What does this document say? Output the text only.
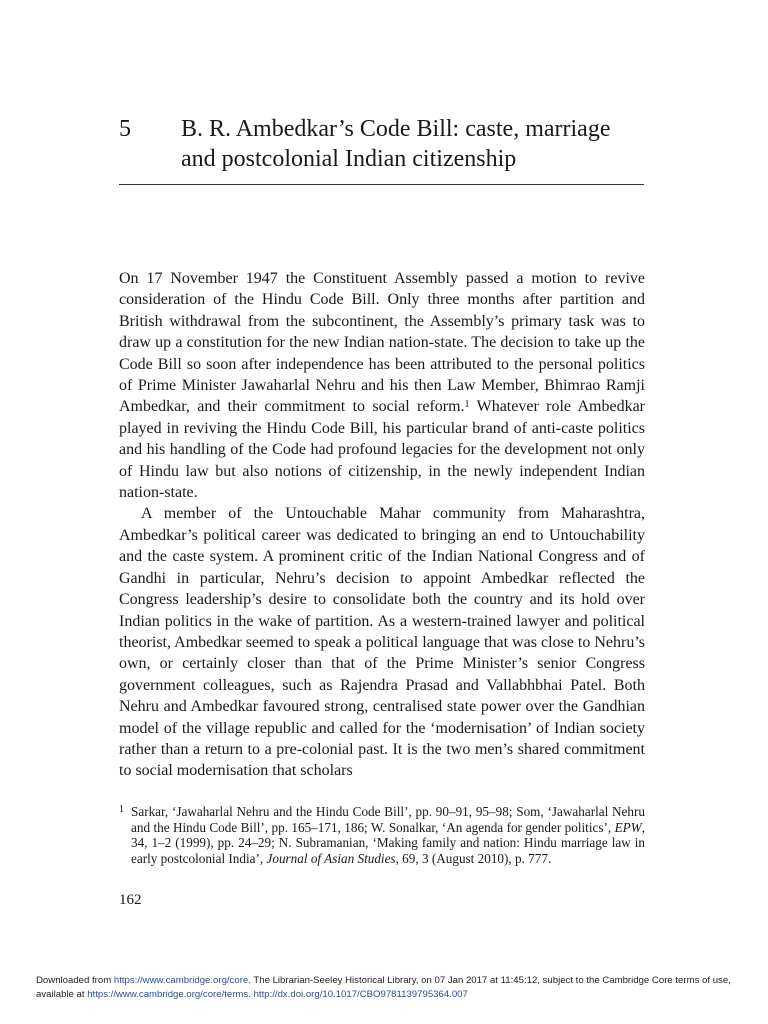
5 B. R. Ambedkar’s Code Bill: caste, marriage and postcolonial Indian citizenship

On 17 November 1947 the Constituent Assembly passed a motion to revive consideration of the Hindu Code Bill. Only three months after partition and British withdrawal from the subcontinent, the Assembly’s primary task was to draw up a constitution for the new Indian nation-state. The decision to take up the Code Bill so soon after independence has been attributed to the personal politics of Prime Minister Jawaharlal Nehru and his then Law Member, Bhimrao Ramji Ambedkar, and their commitment to social reform.$^1$ Whatever role Ambedkar played in reviving the Hindu Code Bill, his particular brand of anti-caste politics and his handling of the Code had profound legacies for the development not only of Hindu law but also notions of citizenship, in the newly independent Indian nation-state.

A member of the Untouchable Mahar community from Maharashtra, Ambedkar’s political career was dedicated to bringing an end to Untouchability and the caste system. A prominent critic of the Indian National Congress and of Gandhi in particular, Nehru’s decision to appoint Ambedkar reflected the Congress leadership’s desire to consolidate both the country and its hold over Indian politics in the wake of partition. As a western-trained lawyer and political theorist, Ambedkar seemed to speak a political language that was close to Nehru’s own, or certainly closer than that of the Prime Minister’s senior Congress government colleagues, such as Rajendra Prasad and Vallabhbhai Patel. Both Nehru and Ambedkar favoured strong, centralised state power over the Gandhian model of the village republic and called for the ‘modernisation’ of Indian society rather than a return to a pre-colonial past. It is the two men’s shared commitment to social modernisation that scholars

1 Sarkar, ‘Jawaharlal Nehru and the Hindu Code Bill’, pp. 90–91, 95–98; Som, ‘Jawaharlal Nehru and the Hindu Code Bill’, pp. 165–171, 186; W. Sonalkar, ‘An agenda for gender politics’, EPW, 34, 1–2 (1999), pp. 24–29; N. Subramanian, ‘Making family and nation: Hindu marriage law in early postcolonial India’, Journal of Asian Studies, 69, 3 (August 2010), p. 777.
162
Downloaded from https://www.cambridge.org/core. The Librarian-Seeley Historical Library, on 07 Jan 2017 at 11:45:12, subject to the Cambridge Core terms of use, available at https://www.cambridge.org/core/terms. http://dx.doi.org/10.1017/CBO9781139795364.007
